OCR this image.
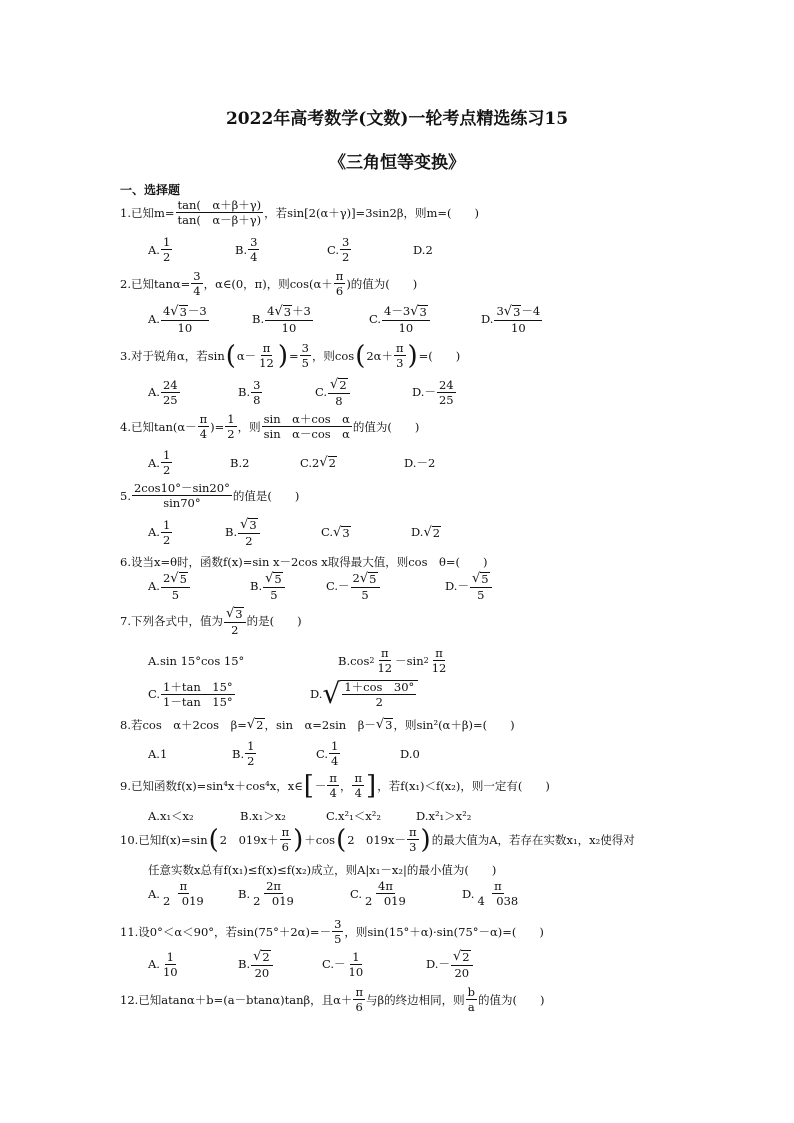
2022年高考数学(文数)一轮考点精选练习15
《三角恒等变换》
一、选择题
1.已知$m= \frac{\tan( \alpha+\beta+\gamma)}{\tan( \alpha-\beta+\gamma)}$ ，若sin[2(α＋γ)]=3sin2β，则m=(　　)
A. $\frac{1}{2}$	B. $\frac{3}{4}$	C. $\frac{3}{2}$	D.2
2.已知$\tan\alpha= \frac{3}{4}$ ，α∈(0，π)，则$\cos(\alpha+ \frac{\pi}{6}$ )的值为(　　)
A. $\frac{4 √ 3 -3}{10}$	B. $\frac{4 √ 3 +3}{10}$	C. $\frac{4-3 √ 3}{10}$	D. $\frac{3 √ 3 -4}{10}$
3.对于锐角α，若sin ( $\alpha- \frac{\pi}{12}$ ) = $\frac{3}{5}$ ，则cos ( $2\alpha+ \frac{\pi}{3}$ ) =(　　)
A. $\frac{24}{25}$	B. $\frac{3}{8}$	C. $\frac{√ 2}{8}$	$D.- \frac{24}{25}$
4.已知$\tan(\alpha- \frac{\pi}{4}$ )= $\frac{1}{2}$ ，则 $\frac{\text{sin　α＋cos　α}}{\text{sin　α－cos　α}}$ 的值为(　　)
A. $\frac{1}{2}$	B.2	C.2 √ 2	D.－2
5. $\frac{2\cos 10^\circ-\sin 20^\circ}{\sin 70^\circ}$ 的值是(　　)
A. $\frac{1}{2}$	B. $\frac{√ 3}{2}$	C. √ 3	D. √ 2
6.设当x=θ时，函数f(x)=sin x－2cos x取得最大值，则cos　θ=(　　)
A. $\frac{2 √ 5}{5}$	B. $\frac{√ 5}{5}$	$C.- \frac{2 √ 5}{5}$	$D.- \frac{√ 5}{5}$
7.下列各式中，值为 $\frac{√ 3}{2}$ 的是(　　)
A.sin 15°cos 15°	B.cos $2 \frac{\pi}{12} -\sin$ $2 \frac{\pi}{12}$
C. $\frac{1+\tan 15^\circ}{1-\tan 15^\circ}$	D. √ $\frac{1+\cos 30^\circ}{2}$
8.若cos　α＋2cos　β= √ 2 ，sin　α=2sin　β－ √ 3 ，则sin²(α＋β)=(　　)
A.1	B. $\frac{1}{2}$	C. $\frac{1}{4}$	D.0
9.已知函数f(x)=sin⁴x＋cos⁴x，x∈ [ － $\frac{\pi}{4}$ ， $\frac{\pi}{4}$ ] ，若f(x₁)＜f(x₂)，则一定有(　　)
A.x₁＜x₂	B.x₁＞x₂	C.x²₁＜x²₂	D.x²₁＞x²₂
10.已知f(x)=sin ( 2　$019x+ \frac{\pi}{6}$ ) ＋cos ( 2　$019x- \frac{\pi}{3}$ ) 的最大值为A，若存在实数x₁，x₂使得对
任意实数x总有f(x₁)≤f(x)≤f(x₂)成立，则A|x₁－x₂|的最小值为(　　)
A. $\frac{\pi}{2 019}$	B. $\frac{2\pi}{2 019}$	C. $\frac{4\pi}{2 019}$	D. $\frac{\pi}{4 038}$
11.设0°＜α＜90°，若$\sin(75^\circ+2\alpha)=- \frac{3}{5}$ ，则sin(15°＋α)·sin(75°－α)=(　　)
A. $\frac{1}{10}$	B. $\frac{√ 2}{20}$	$C.- \frac{1}{10}$	$D.- \frac{√ 2}{20}$
12.已知atanα＋b=(a－btanα)tanβ，且$\alpha+ \frac{\pi}{6}$ 与β的终边相同，则 $\frac{b}{a}$ 的值为(　　)
